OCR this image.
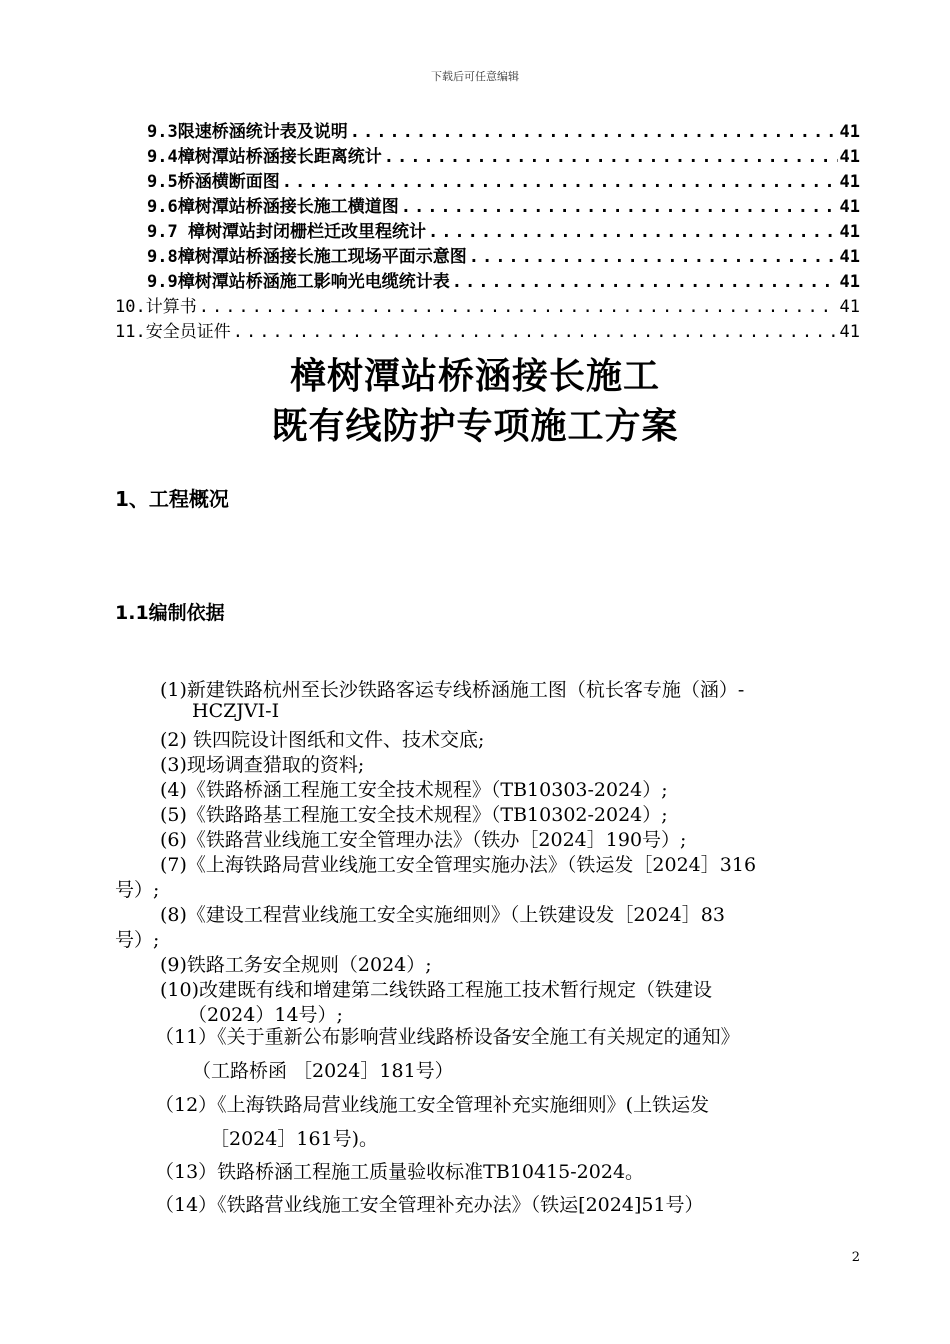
下载后可任意编辑
9.3限速桥涵统计表及说明 .....	41
9.4樟树潭站桥涵接长距离统计 .....	41
9.5桥涵横断面图 .....	41
9.6樟树潭站桥涵接长施工横道图 .....	41
9.7 樟树潭站封闭栅栏迁改里程统计 .....	41
9.8樟树潭站桥涵接长施工现场平面示意图 .....	41
9.9樟树潭站桥涵施工影响光电缆统计表 .....	41
10.计算书 .....	41
11.安全员证件 .....	41
樟树潭站桥涵接长施工
既有线防护专项施工方案
1、工程概况
1.1编制依据
(1)新建铁路杭州至长沙铁路客运专线桥涵施工图（杭长客专施（涵）-
HCZJVI-Ⅰ
(2) 铁四院设计图纸和文件、技术交底;
(3)现场调查猎取的资料;
(4)《铁路桥涵工程施工安全技术规程》（TB10303-2024）;
(5)《铁路路基工程施工安全技术规程》（TB10302-2024）;
(6)《铁路营业线施工安全管理办法》（铁办［2024］190号）;
(7)《上海铁路局营业线施工安全管理实施办法》（铁运发［2024］316
号）;
(8)《建设工程营业线施工安全实施细则》（上铁建设发［2024］83
号）;
(9)铁路工务安全规则（2024）;
(10)改建既有线和增建第二线铁路工程施工技术暂行规定（铁建设
（2024）14号）;
（11）《关于重新公布影响营业线路桥设备安全施工有关规定的通知》
（工路桥函 ［2024］181号）
（12）《上海铁路局营业线施工安全管理补充实施细则》(上铁运发
［2024］161号)。
（13）铁路桥涵工程施工质量验收标准TB10415-2024。
（14）《铁路营业线施工安全管理补充办法》（铁运[2024]51号）
2
